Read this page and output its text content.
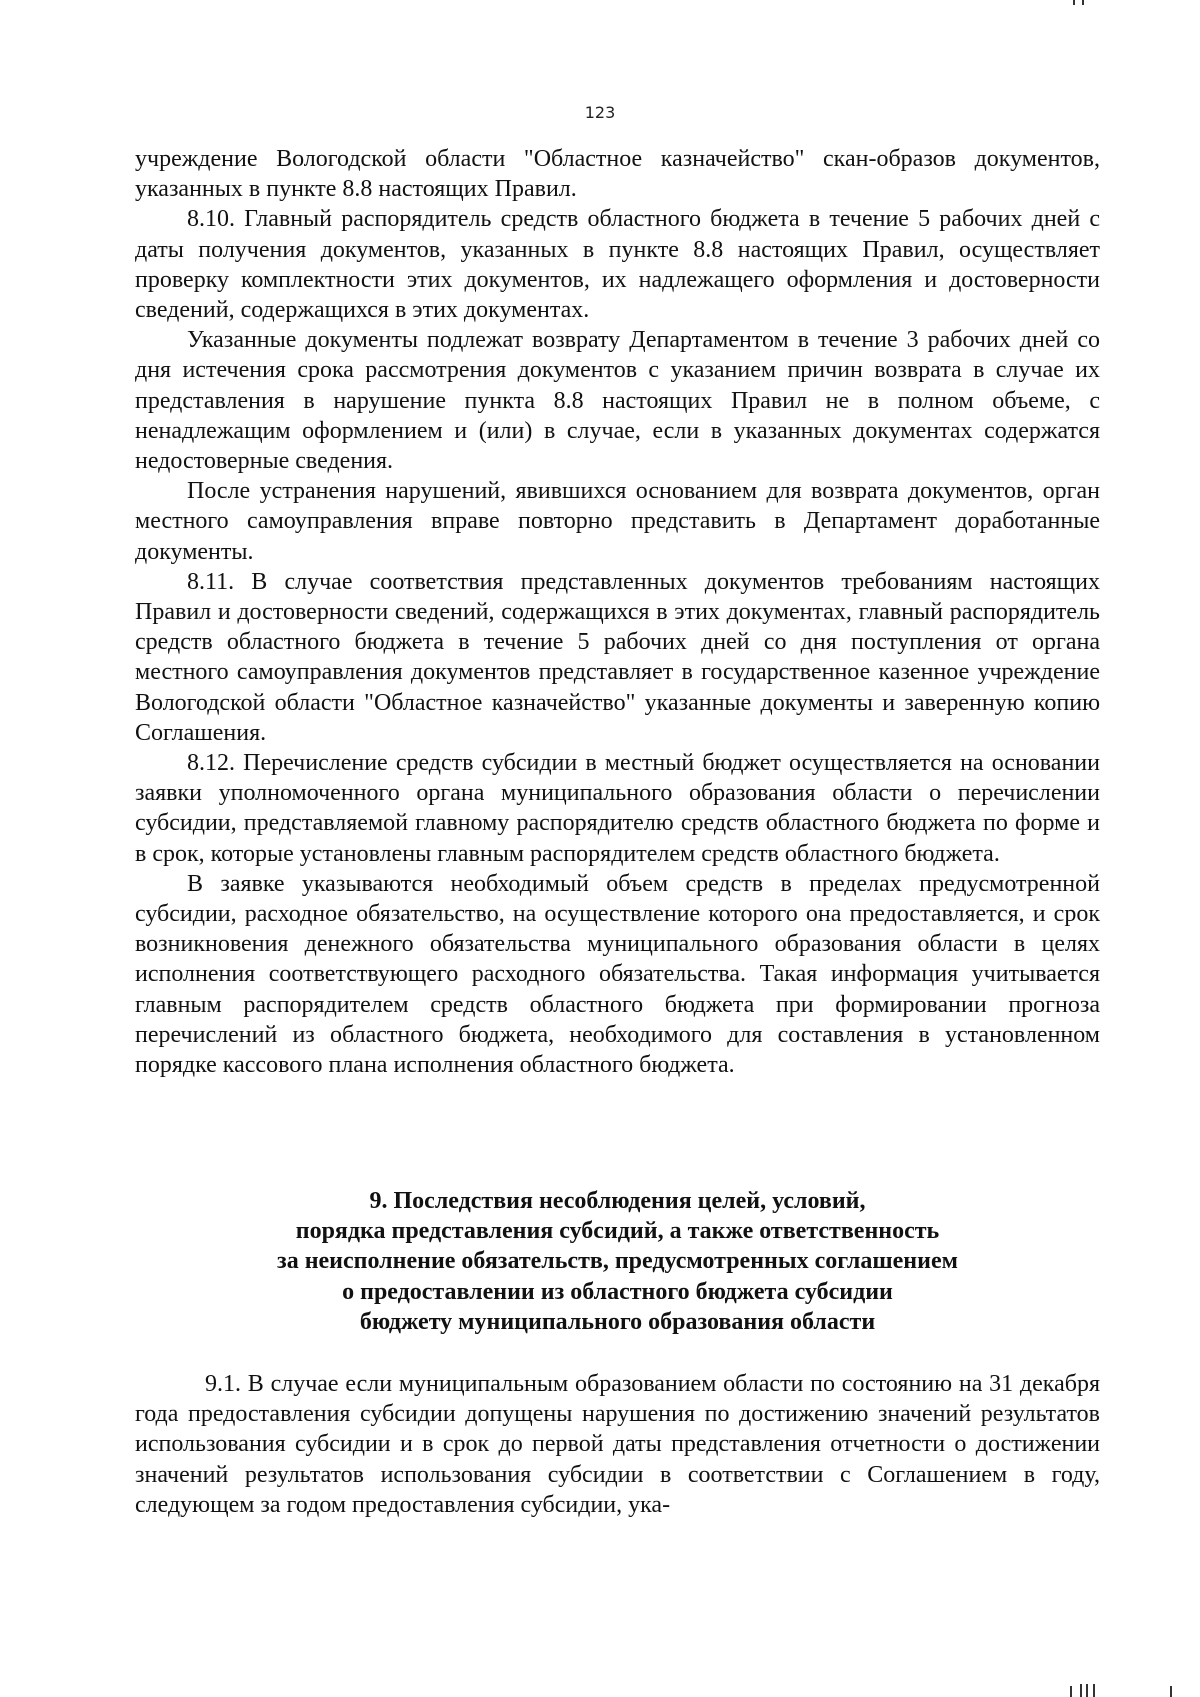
123

учреждение Вологодской области "Областное казначейство" скан-образов документов, указанных в пункте 8.8 настоящих Правил.

8.10. Главный распорядитель средств областного бюджета в течение 5 рабочих дней с даты получения документов, указанных в пункте 8.8 настоящих Правил, осуществляет проверку комплектности этих документов, их надлежащего оформления и достоверности сведений, содержащихся в этих документах.

Указанные документы подлежат возврату Департаментом в течение 3 рабочих дней со дня истечения срока рассмотрения документов с указанием причин возврата в случае их представления в нарушение пункта 8.8 настоящих Правил не в полном объеме, с ненадлежащим оформлением и (или) в случае, если в указанных документах содержатся недостоверные сведения.

После устранения нарушений, явившихся основанием для возврата документов, орган местного самоуправления вправе повторно представить в Департамент доработанные документы.

8.11. В случае соответствия представленных документов требованиям настоящих Правил и достоверности сведений, содержащихся в этих документах, главный распорядитель средств областного бюджета в течение 5 рабочих дней со дня поступления от органа местного самоуправления документов представляет в государственное казенное учреждение Вологодской области "Областное казначейство" указанные документы и заверенную копию Соглашения.

8.12. Перечисление средств субсидии в местный бюджет осуществляется на основании заявки уполномоченного органа муниципального образования области о перечислении субсидии, представляемой главному распорядителю средств областного бюджета по форме и в срок, которые установлены главным распорядителем средств областного бюджета.

В заявке указываются необходимый объем средств в пределах предусмотренной субсидии, расходное обязательство, на осуществление которого она предоставляется, и срок возникновения денежного обязательства муниципального образования области в целях исполнения соответствующего расходного обязательства. Такая информация учитывается главным распорядителем средств областного бюджета при формировании прогноза перечислений из областного бюджета, необходимого для составления в установленном порядке кассового плана исполнения областного бюджета.

9. Последствия несоблюдения целей, условий,
порядка представления субсидий, а также ответственность
за неисполнение обязательств, предусмотренных соглашением
о предоставлении из областного бюджета субсидии
бюджету муниципального образования области

9.1. В случае если муниципальным образованием области по состоянию на 31 декабря года предоставления субсидии допущены нарушения по достижению значений результатов использования субсидии и в срок до первой даты представления отчетности о достижении значений результатов использования субсидии в соответствии с Соглашением в году, следующем за годом предоставления субсидии, ука-
